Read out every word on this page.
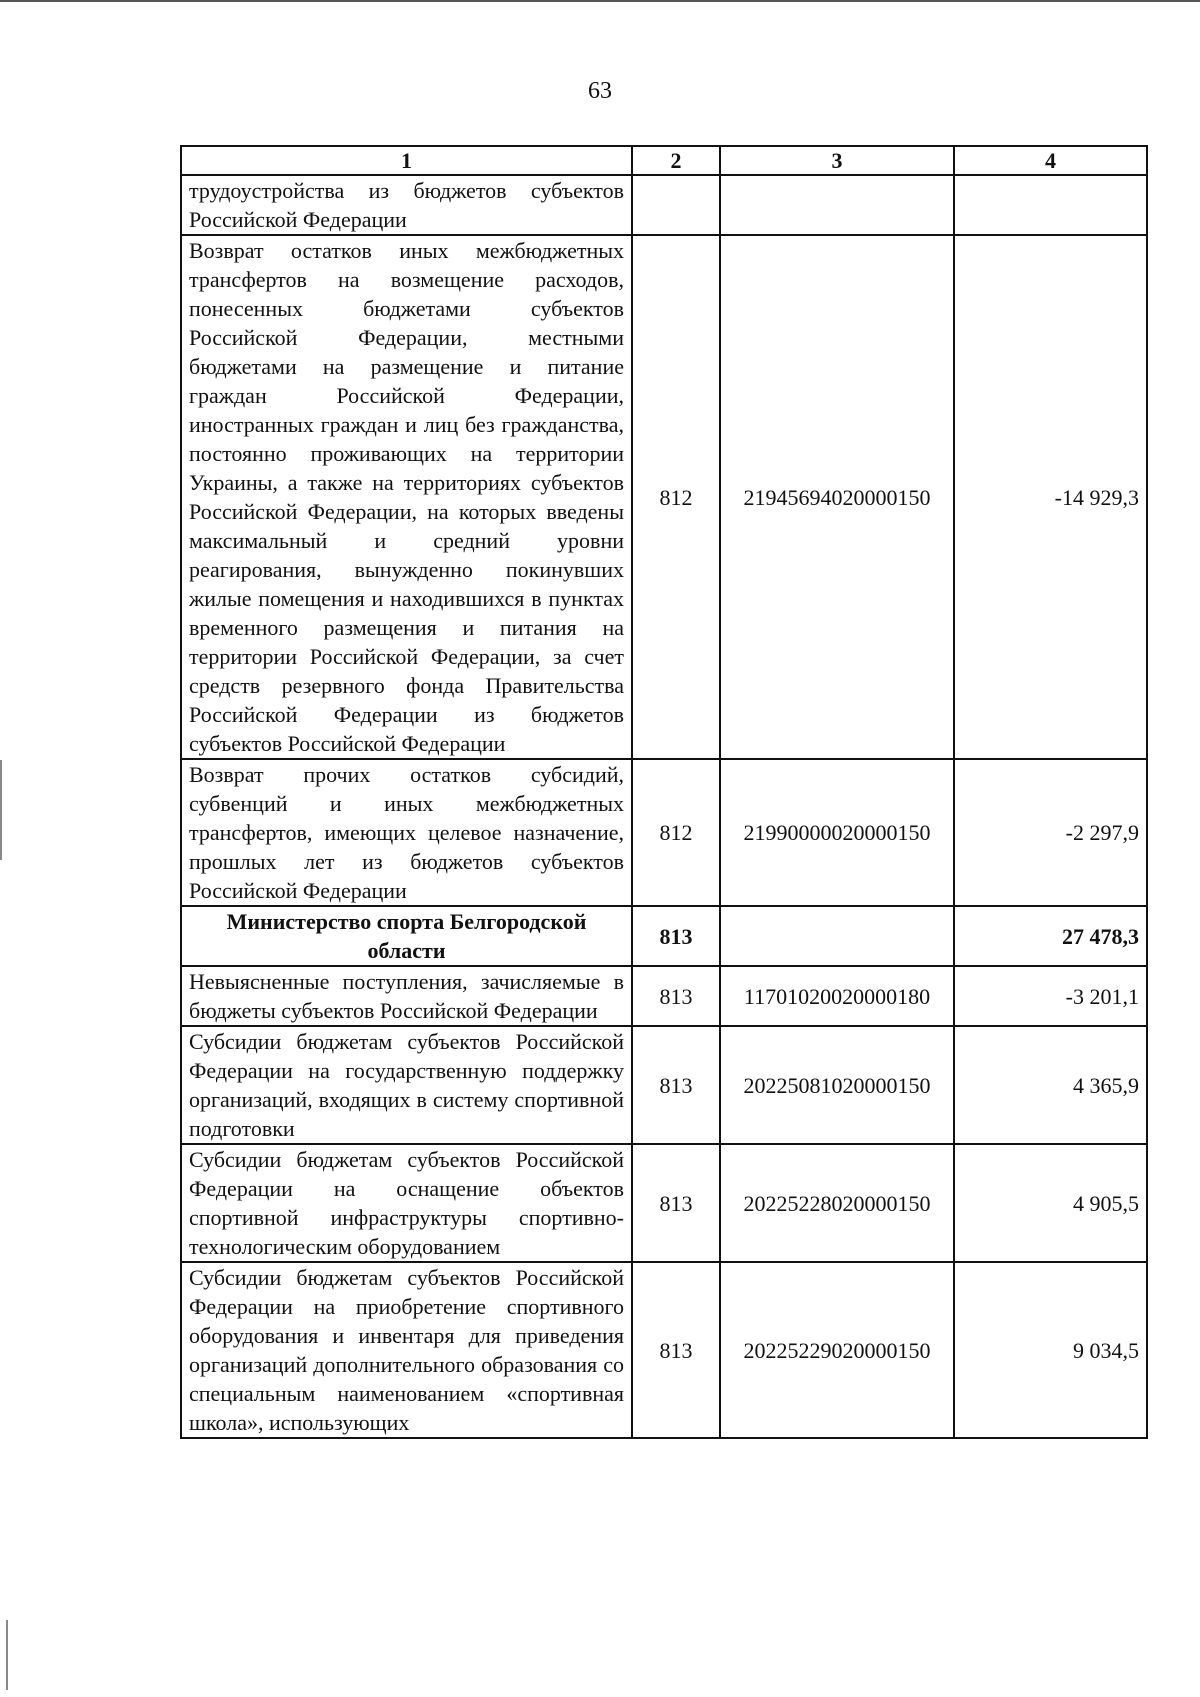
63
1	2	3	4
трудоустройства из бюджетов субъектов Российской Федерации			
Возврат остатков иных межбюджетных трансфертов на возмещение расходов, понесенных бюджетами субъектов Российской Федерации, местными бюджетами на размещение и питание граждан Российской Федерации, иностранных граждан и лиц без гражданства, постоянно проживающих на территории Украины, а также на территориях субъектов Российской Федерации, на которых введены максимальный и средний уровни реагирования, вынужденно покинувших жилые помещения и находившихся в пунктах временного размещения и питания на территории Российской Федерации, за счет средств резервного фонда Правительства Российской Федерации из бюджетов субъектов Российской Федерации	812	21945694020000150	-14 929,3
Возврат прочих остатков субсидий, субвенций и иных межбюджетных трансфертов, имеющих целевое назначение, прошлых лет из бюджетов субъектов Российской Федерации	812	21990000020000150	-2 297,9
Министерство спорта Белгородской области	813		27 478,3
Невыясненные поступления, зачисляемые в бюджеты субъектов Российской Федерации	813	11701020020000180	-3 201,1
Субсидии бюджетам субъектов Российской Федерации на государственную поддержку организаций, входящих в систему спортивной подготовки	813	20225081020000150	4 365,9
Субсидии бюджетам субъектов Российской Федерации на оснащение объектов спортивной инфраструктуры спортивно-технологическим оборудованием	813	20225228020000150	4 905,5
Субсидии бюджетам субъектов Российской Федерации на приобретение спортивного оборудования и инвентаря для приведения организаций дополнительного образования со специальным наименованием «спортивная школа», использующих	813	20225229020000150	9 034,5
